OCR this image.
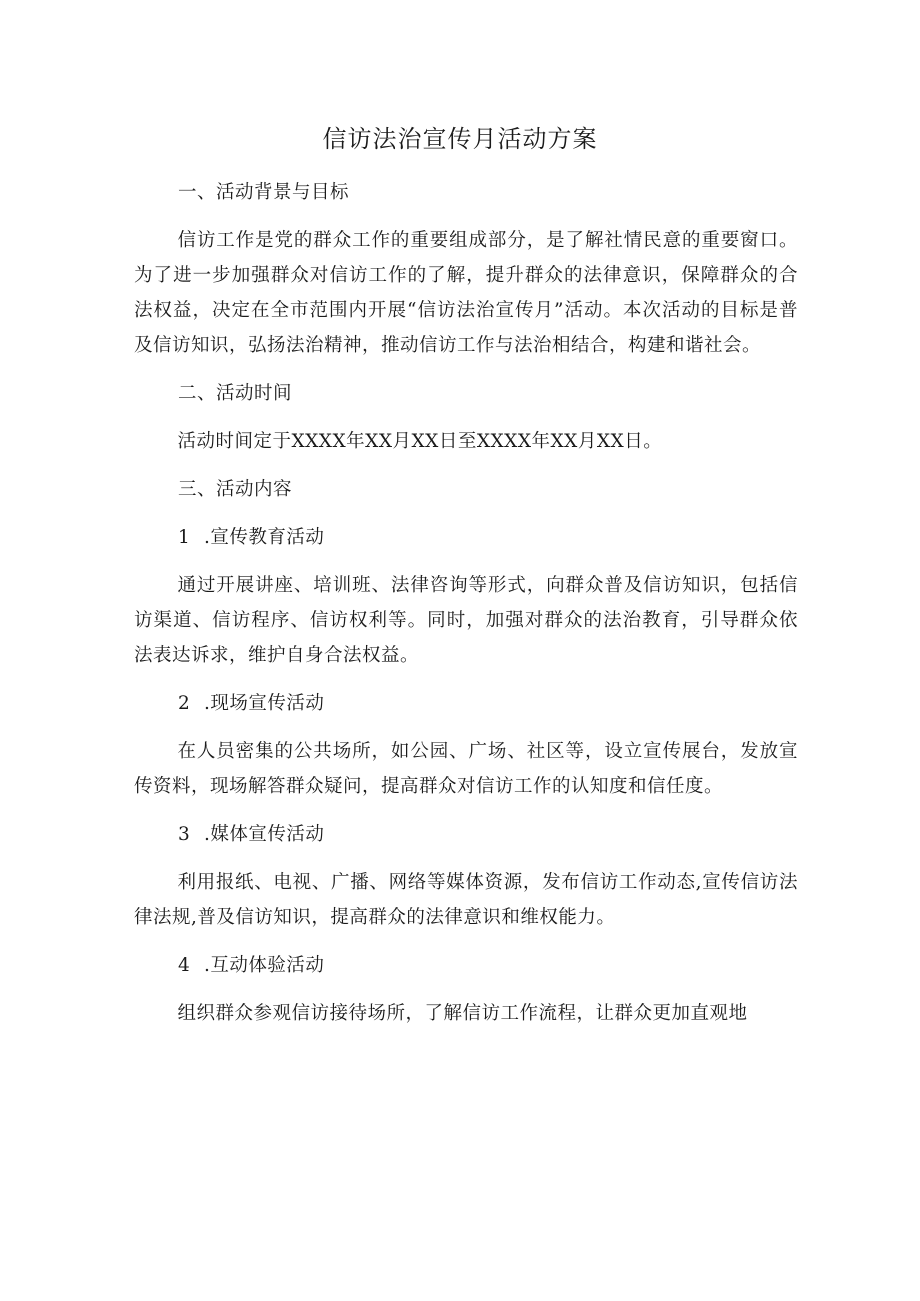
信访法治宣传月活动方案

一、活动背景与目标

信访工作是党的群众工作的重要组成部分，是了解社情民意的重要窗口。为了进一步加强群众对信访工作的了解，提升群众的法律意识，保障群众的合法权益，决定在全市范围内开展“信访法治宣传月”活动。本次活动的目标是普及信访知识，弘扬法治精神，推动信访工作与法治相结合，构建和谐社会。

二、活动时间

活动时间定于XXXX年XX月XX日至XXXX年XX月XX日。

三、活动内容

1 .宣传教育活动

通过开展讲座、培训班、法律咨询等形式，向群众普及信访知识，包括信访渠道、信访程序、信访权利等。同时，加强对群众的法治教育，引导群众依法表达诉求，维护自身合法权益。

2 .现场宣传活动

在人员密集的公共场所，如公园、广场、社区等，设立宣传展台，发放宣传资料，现场解答群众疑问，提高群众对信访工作的认知度和信任度。

3 .媒体宣传活动

利用报纸、电视、广播、网络等媒体资源，发布信访工作动态,宣传信访法律法规,普及信访知识，提高群众的法律意识和维权能力。

4 .互动体验活动

组织群众参观信访接待场所，了解信访工作流程，让群众更加直观地
